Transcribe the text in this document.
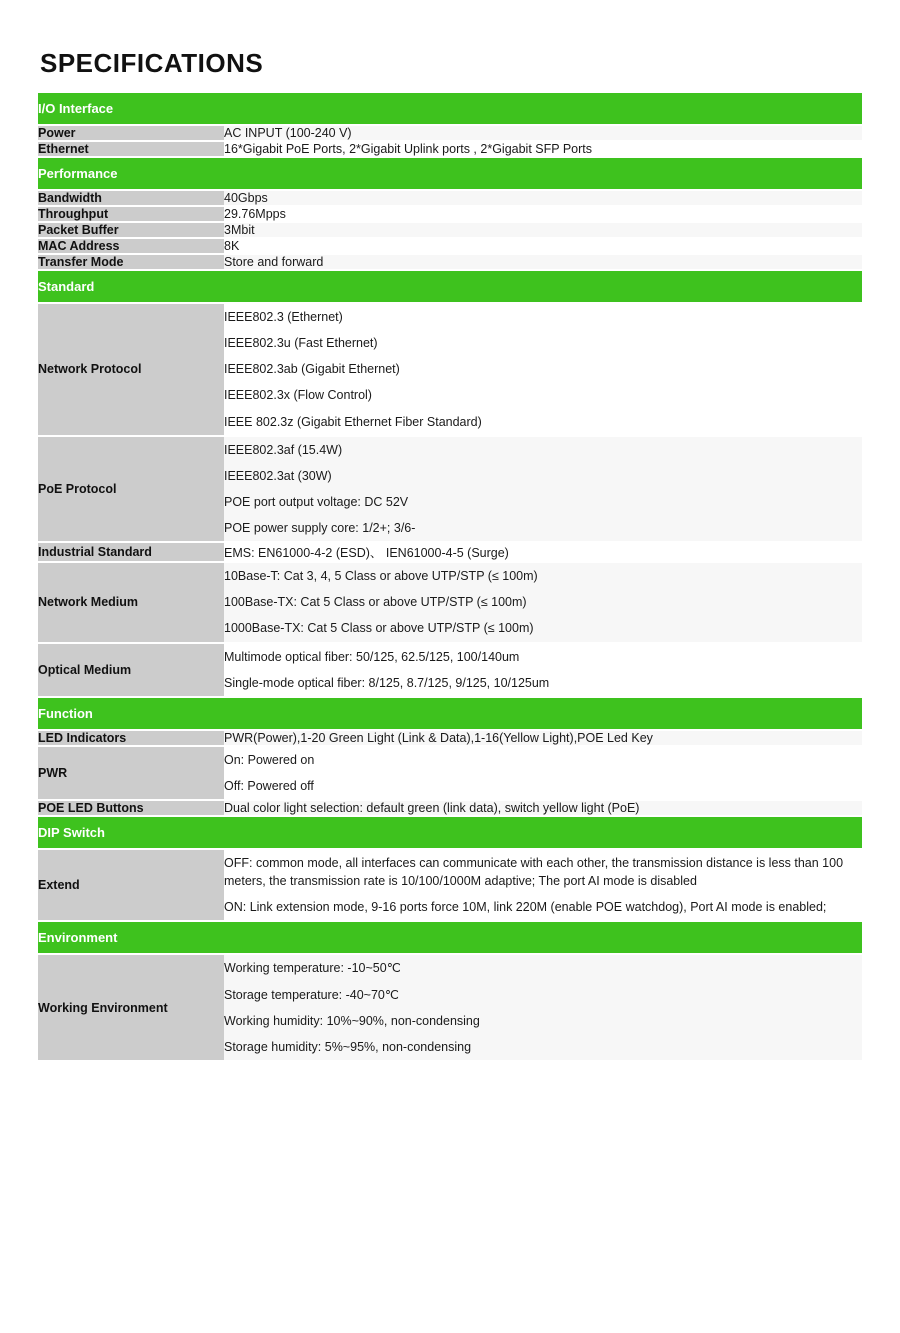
SPECIFICATIONS
I/O Interface	
Power	AC INPUT (100-240 V)
Ethernet	16*Gigabit PoE Ports, 2*Gigabit Uplink ports , 2*Gigabit SFP Ports
Performance	
Bandwidth	40Gbps
Throughput	29.76Mpps
Packet Buffer	3Mbit
MAC Address	8K
Transfer Mode	Store and forward
Standard	
Network Protocol	IEEE802.3 (Ethernet)

IEEE802.3u (Fast Ethernet)

IEEE802.3ab (Gigabit Ethernet)

IEEE802.3x (Flow Control)

IEEE 802.3z (Gigabit Ethernet Fiber Standard)

PoE Protocol	IEEE802.3af (15.4W)

IEEE802.3at (30W)

POE port output voltage: DC 52V

POE power supply core: 1/2+; 3/6-

Industrial Standard	EMS: EN61000-4-2 (ESD)、 IEN61000-4-5 (Surge)
Network Medium	10Base-T: Cat 3, 4, 5 Class or above UTP/STP (≤ 100m)

100Base-TX: Cat 5 Class or above UTP/STP (≤ 100m)

1000Base-TX: Cat 5 Class or above UTP/STP (≤ 100m)

Optical Medium	Multimode optical fiber: 50/125, 62.5/125, 100/140um

Single-mode optical fiber: 8/125, 8.7/125, 9/125, 10/125um

Function	
LED Indicators	PWR(Power),1-20 Green Light (Link & Data),1-16(Yellow Light),POE Led Key
PWR	On: Powered on

Off: Powered off

POE LED Buttons	Dual color light selection: default green (link data), switch yellow light (PoE)
DIP Switch	
Extend	OFF: common mode, all interfaces can communicate with each other, the transmission distance is less than 100 meters, the transmission rate is 10/100/1000M adaptive; The port AI mode is disabled

ON: Link extension mode, 9-16 ports force 10M, link 220M (enable POE watchdog), Port AI mode is enabled;

Environment	
Working Environment	Working temperature: -10~50℃

Storage temperature: -40~70℃

Working humidity: 10%~90%, non-condensing

Storage humidity: 5%~95%, non-condensing
